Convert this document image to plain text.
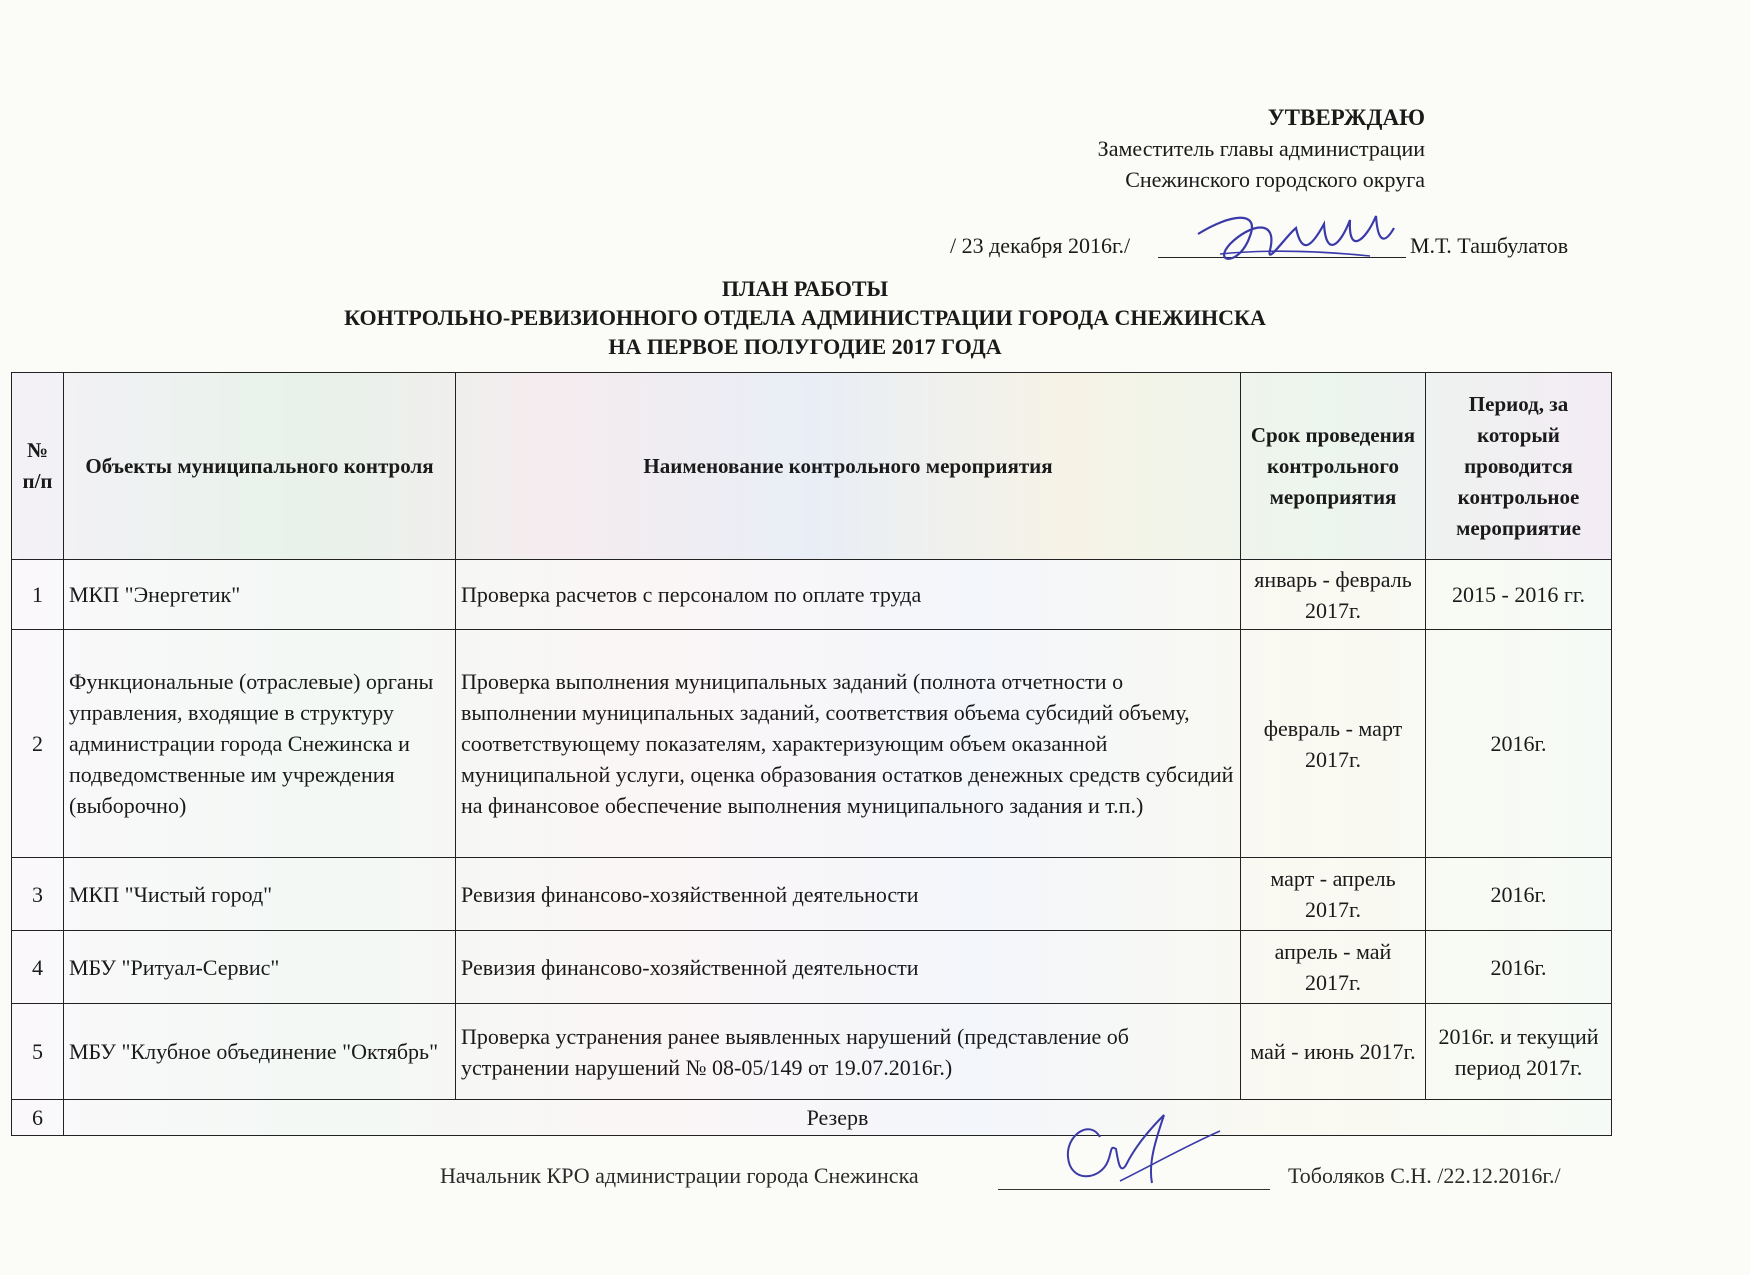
УТВЕРЖДАЮ
Заместитель главы администрации
Снежинского городского округа
/ 23 декабря 2016г./	М.Т. Ташбулатов
ПЛАН РАБОТЫ
КОНТРОЛЬНО-РЕВИЗИОННОГО ОТДЕЛА АДМИНИСТРАЦИИ ГОРОДА СНЕЖИНСКА
НА ПЕРВОЕ ПОЛУГОДИЕ 2017 ГОДА
№ п/п	Объекты муниципального контроля	Наименование контрольного мероприятия	Срок проведения контрольного мероприятия	Период, за который проводится контрольное мероприятие
1	МКП "Энергетик"	Проверка расчетов с персоналом по оплате труда	январь - февраль 2017г.	2015 - 2016 гг.
2	Функциональные (отраслевые) органы управления, входящие в структуру администрации города Снежинска и подведомственные им учреждения (выборочно)	Проверка выполнения муниципальных заданий (полнота отчетности о выполнении муниципальных заданий, соответствия объема субсидий объему, соответствующему показателям, характеризующим объем оказанной муниципальной услуги, оценка образования остатков денежных средств субсидий на финансовое обеспечение выполнения муниципального задания и т.п.)	февраль - март 2017г.	2016г.
3	МКП "Чистый город"	Ревизия финансово-хозяйственной деятельности	март - апрель 2017г.	2016г.
4	МБУ "Ритуал-Сервис"	Ревизия финансово-хозяйственной деятельности	апрель - май 2017г.	2016г.
5	МБУ "Клубное объединение "Октябрь"	Проверка устранения ранее выявленных нарушений (представление об устранении нарушений № 08-05/149 от 19.07.2016г.)	май - июнь 2017г.	2016г. и текущий период 2017г.
6	Резерв			
Начальник КРО администрации города Снежинска	Тоболяков С.Н. /22.12.2016г./
